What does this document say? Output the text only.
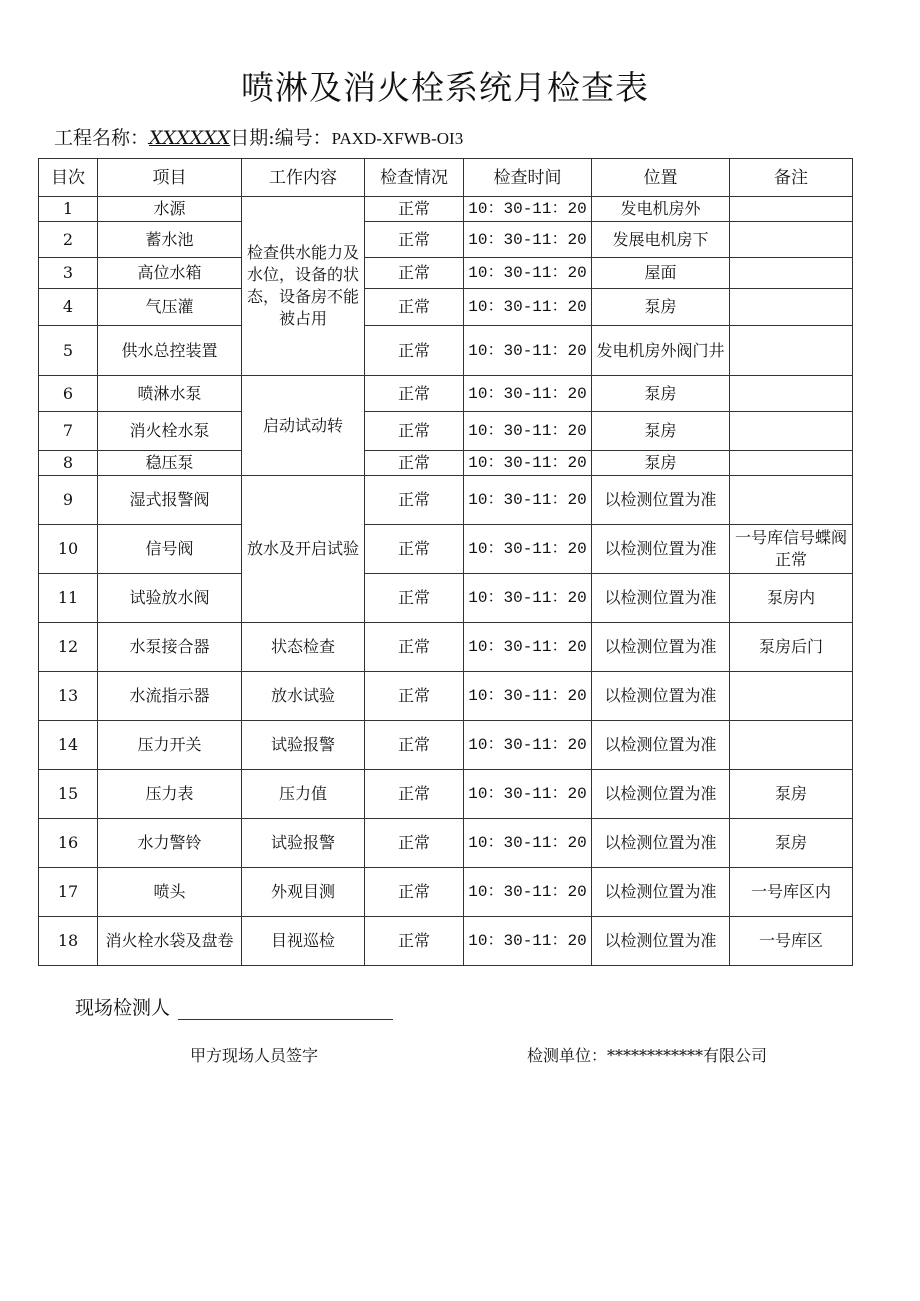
喷淋及消火栓系统月检查表
工程名称：XXXXXX日期:编号：PAXD-XFWB-OI3
目次	项目	工作内容	检查情况	检查时间	位置	备注
1	水源	检查供水能力及水位，设备的状态，设备房不能被占用	正常	10：30-11：20	发电机房外	
2	蓄水池		正常	10：30-11：20	发展电机房下	
3	高位水箱		正常	10：30-11：20	屋面	
4	气压灌		正常	10：30-11：20	泵房	
5	供水总控装置		正常	10：30-11：20	发电机房外阀门井	
6	喷淋水泵	启动试动转	正常	10：30-11：20	泵房	
7	消火栓水泵		正常	10：30-11：20	泵房	
8	稳压泵		正常	10：30-11：20	泵房	
9	湿式报警阀	放水及开启试验	正常	10：30-11：20	以检测位置为准	
10	信号阀		正常	10：30-11：20	以检测位置为准	一号库信号蝶阀正常
11	试验放水阀		正常	10：30-11：20	以检测位置为准	泵房内
12	水泵接合器	状态检查	正常	10：30-11：20	以检测位置为准	泵房后门
13	水流指示器	放水试验	正常	10：30-11：20	以检测位置为准	
14	压力开关	试验报警	正常	10：30-11：20	以检测位置为准	
15	压力表	压力值	正常	10：30-11：20	以检测位置为准	泵房
16	水力警铃	试验报警	正常	10：30-11：20	以检测位置为准	泵房
17	喷头	外观目测	正常	10：30-11：20	以检测位置为准	一号库区内
18	消火栓水袋及盘卷	目视巡检	正常	10：30-11：20	以检测位置为准	一号库区
现场检测人
甲方现场人员签字	检测单位：************有限公司
